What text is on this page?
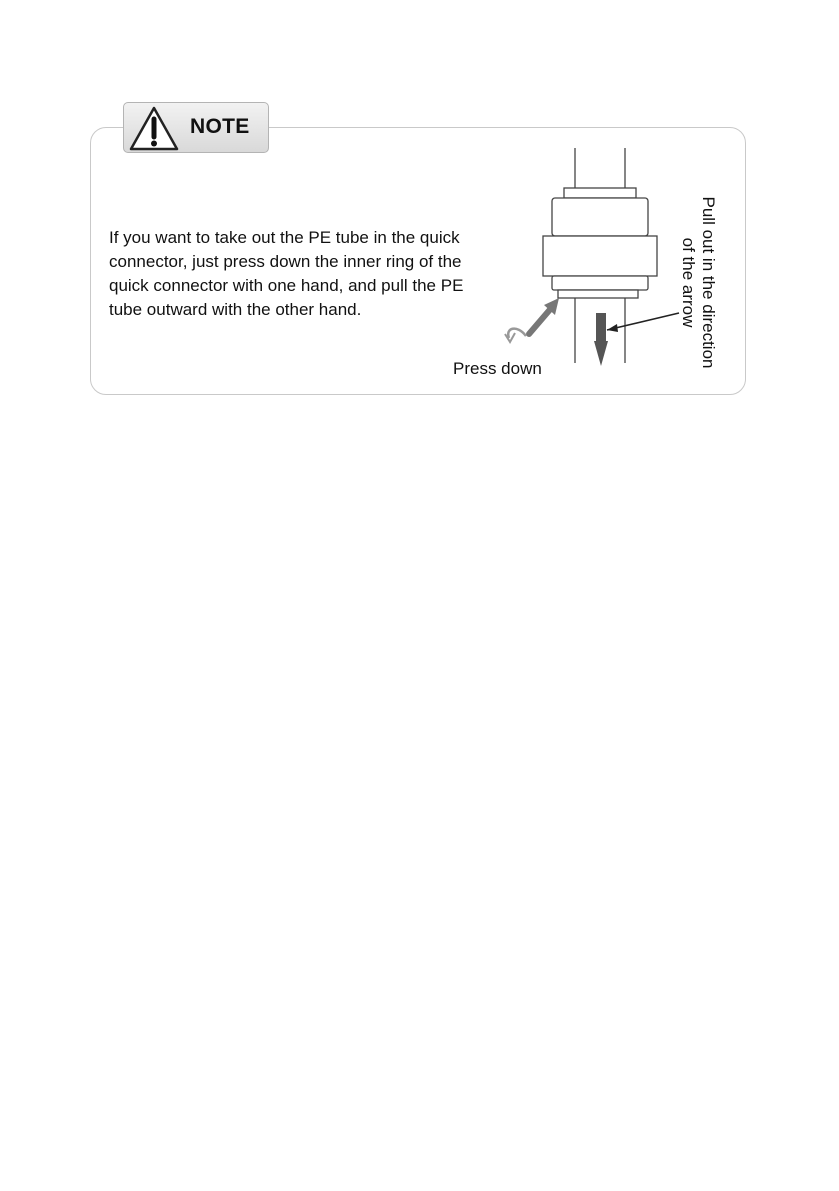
NOTE
If you want to take out the PE tube in the quick
connector, just press down the inner ring of the
quick connector with one hand, and pull the PE
tube outward with the other hand.
Press down	Pull out in the direction
of the arrow
